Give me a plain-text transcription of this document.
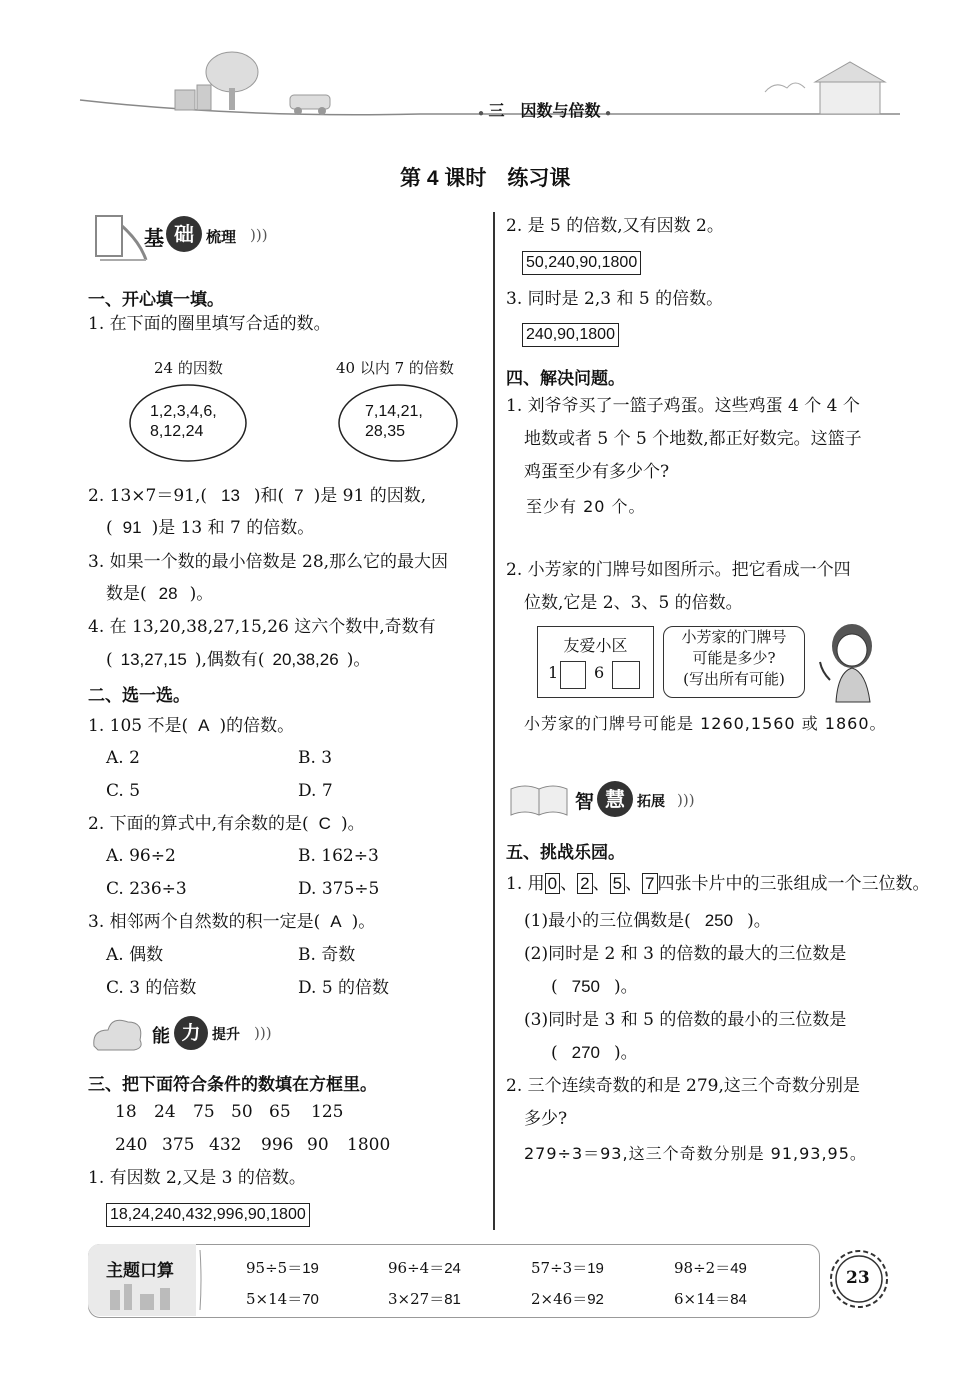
● 三　因数与倍数 ●
第 4 课时　练习课
基 础 梳理 )))
一、开心填一填。
1. 在下面的圈里填写合适的数。
24 的因数	40 以内 7 的倍数
1,2,3,4,6,
8,12,24
7,14,21,
28,35
2. 13×7＝91,( 13 )和( 7 )是 91 的因数,
( 91 )是 13 和 7 的倍数。
3. 如果一个数的最小倍数是 28,那么它的最大因
数是( 28 )。
4. 在 13,20,38,27,15,26 这六个数中,奇数有
( 13,27,15 ),偶数有( 20,38,26 )。
二、选一选。
1. 105 不是( A )的倍数。
A. 2	B. 3
C. 5	D. 7
2. 下面的算式中,有余数的是( C )。
A. 96÷2	B. 162÷3
C. 236÷3	D. 375÷5
3. 相邻两个自然数的积一定是( A )。
A. 偶数	B. 奇数
C. 3 的倍数	D. 5 的倍数
能 力 提升 )))
三、把下面符合条件的数填在方框里。
18 24 75 50 65 125
240 375 432 996 90 1800
1. 有因数 2,又是 3 的倍数。
18,24,240,432,996,90,1800
2. 是 5 的倍数,又有因数 2。
50,240,90,1800
3. 同时是 2,3 和 5 的倍数。
240,90,1800
四、解决问题。
1. 刘爷爷买了一篮子鸡蛋。这些鸡蛋 4 个 4 个
地数或者 5 个 5 个地数,都正好数完。这篮子
鸡蛋至少有多少个?
至少有 20 个。
2. 小芳家的门牌号如图所示。把它看成一个四
位数,它是 2、3、5 的倍数。
友爱小区
1 6
小芳家的门牌号
可能是多少?
(写出所有可能)
小芳家的门牌号可能是 1260,1560 或 1860。
智 慧 拓展 )))
五、挑战乐园。
1. 用 0 、 2 、 5 、 7 四张卡片中的三张组成一个三位数。
(1)最小的三位偶数是( 250 )。
(2)同时是 2 和 3 的倍数的最大的三位数是
( 750 )。
(3)同时是 3 和 5 的倍数的最小的三位数是
( 270 )。
2. 三个连续奇数的和是 279,这三个奇数分别是
多少?
279÷3＝93,这三个奇数分别是 91,93,95。
主题口算	95÷5＝19	96÷4＝24	57÷3＝19	98÷2＝49
5×14＝70	3×27＝81	2×46＝92	6×14＝84
23
